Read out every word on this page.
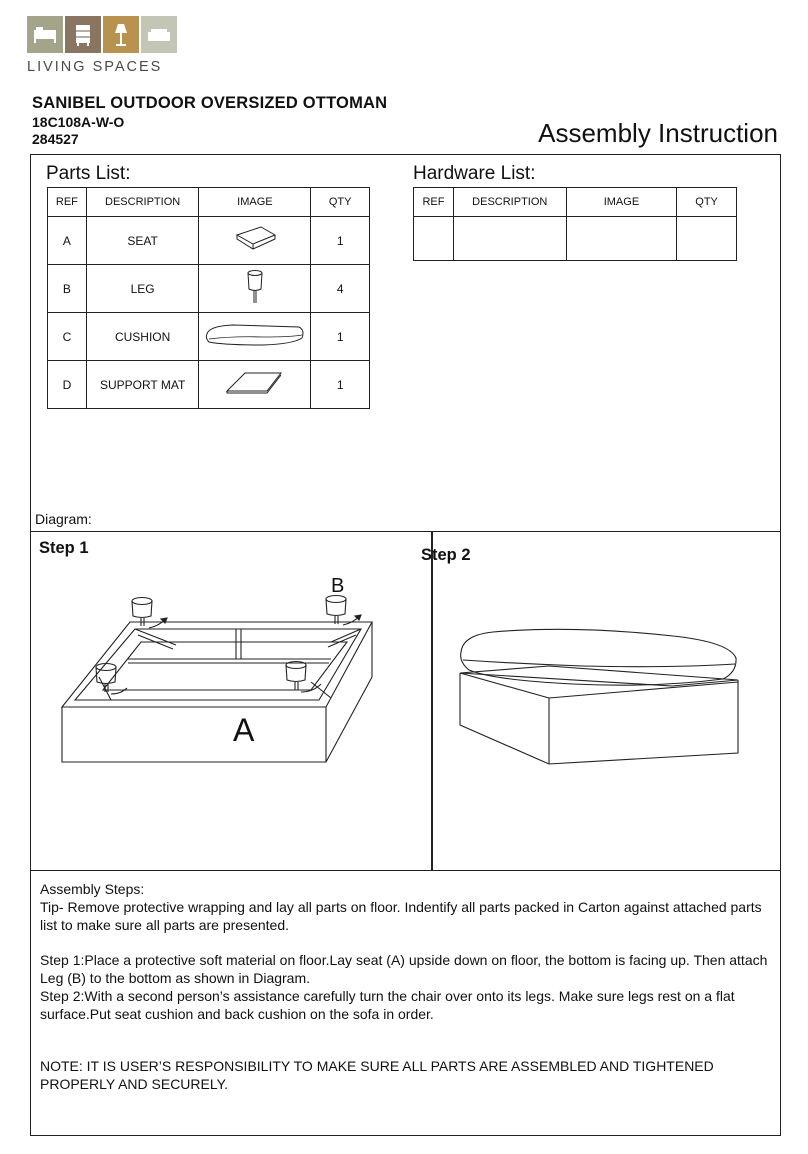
LIVING SPACES
SANIBEL OUTDOOR OVERSIZED OTTOMAN
18C108A-W-O
284527	Assembly Instruction
Parts List:
REF	DESCRIPTION	IMAGE	QTY
A	SEAT		1
B	LEG		4
C	CUSHION		1
D	SUPPORT MAT		1
Hardware List:
REF	DESCRIPTION	IMAGE	QTY

Diagram:
Step 1	Step 2
B
A

Assembly Steps:

Tip- Remove protective wrapping and lay all parts on floor. Indentify all parts packed in Carton against attached parts list to make sure all parts are presented.

Step 1:Place a protective soft material on floor.Lay seat (A) upside down on floor, the bottom is facing up. Then attach Leg (B) to the bottom as shown in Diagram.

Step 2:With a second person’s assistance carefully turn the chair over onto its legs. Make sure legs rest on a flat surface.Put seat cushion and back cushion on the sofa in order.

NOTE: IT IS USER’S RESPONSIBILITY TO MAKE SURE ALL PARTS ARE ASSEMBLED AND TIGHTENED PROPERLY AND SECURELY.
